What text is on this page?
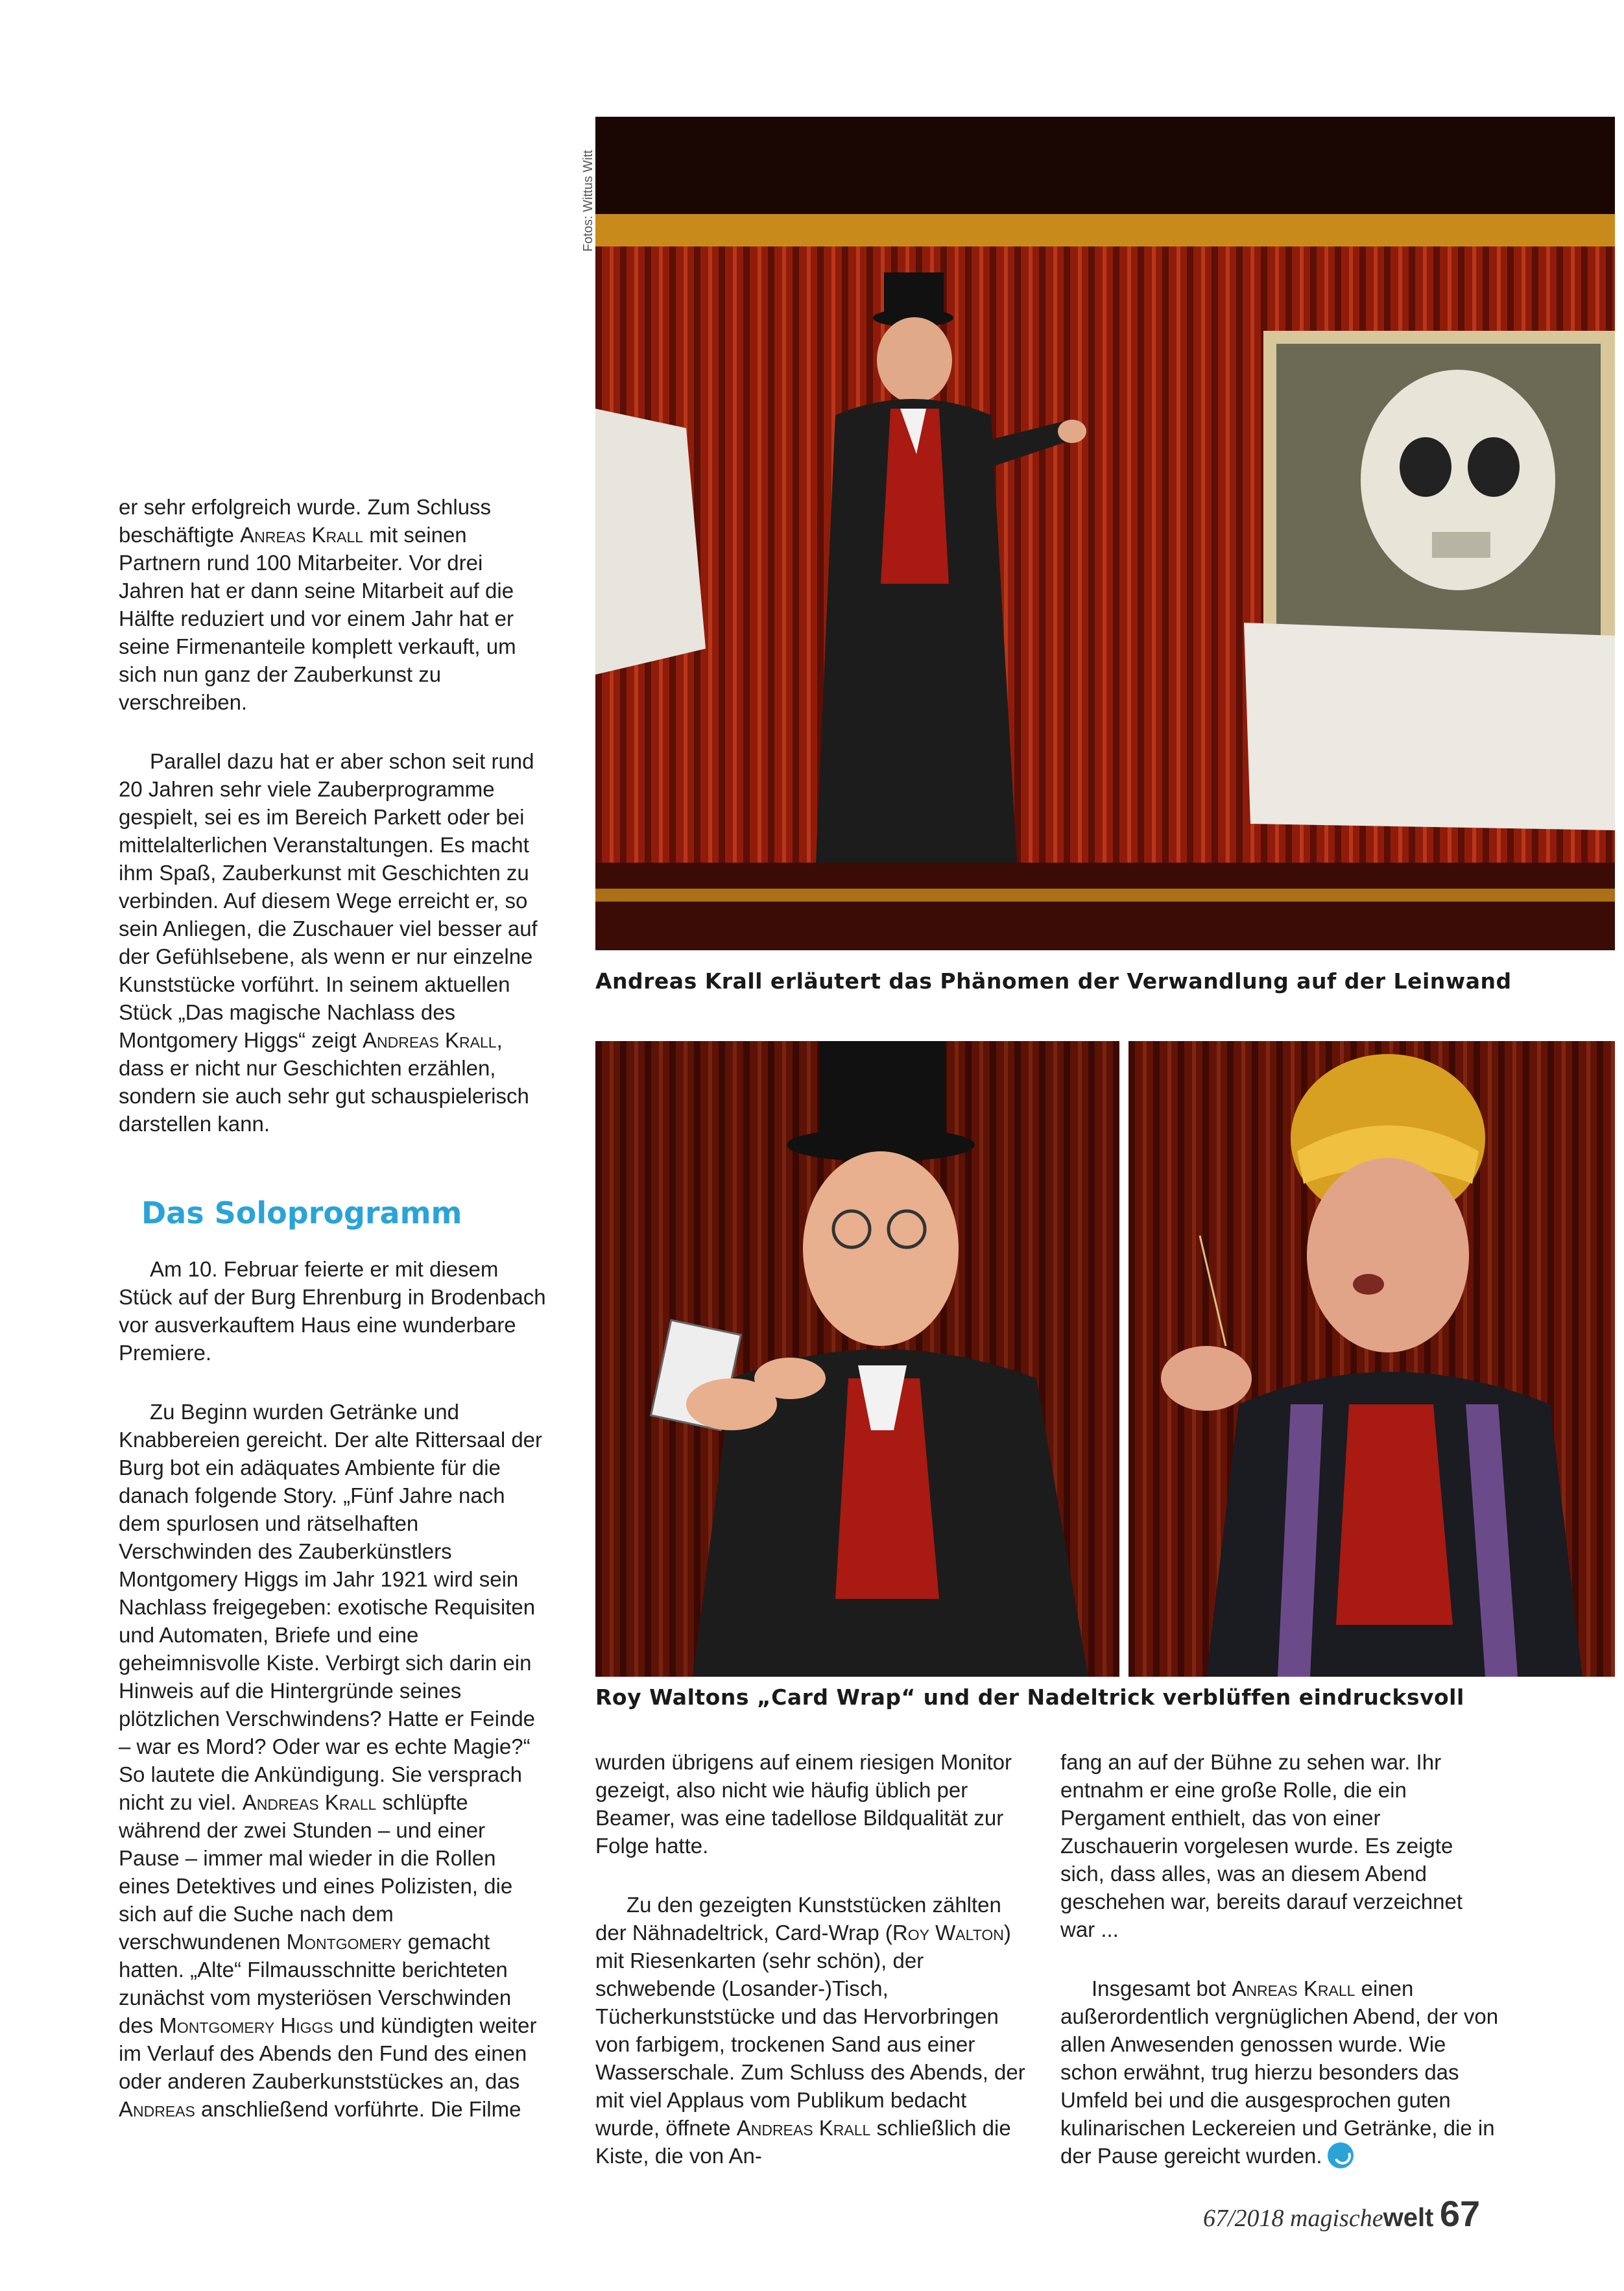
Fotos: Wittus Witt
Andreas Krall erläutert das Phänomen der Verwandlung auf der Leinwand
Roy Waltons „Card Wrap“ und der Nadeltrick verblüffen eindrucksvoll

er sehr erfolgreich wurde. Zum Schluss beschäftigte Anreas Krall mit seinen Partnern rund 100 Mitarbeiter. Vor drei Jahren hat er dann seine Mitarbeit auf die Hälfte reduziert und vor einem Jahr hat er seine Firmenanteile komplett verkauft, um sich nun ganz der Zauberkunst zu verschreiben.

Parallel dazu hat er aber schon seit rund 20 Jahren sehr viele Zauberprogramme gespielt, sei es im Bereich Parkett oder bei mittelalterlichen Veranstaltungen. Es macht ihm Spaß, Zauberkunst mit Geschichten zu verbinden. Auf diesem Wege erreicht er, so sein Anliegen, die Zuschauer viel besser auf der Gefühlsebene, als wenn er nur einzelne Kunststücke vorführt. In seinem aktuellen Stück „Das magische Nachlass des Montgomery Higgs“ zeigt Andreas Krall, dass er nicht nur Geschichten erzählen, sondern sie auch sehr gut schauspielerisch darstellen kann.

Das Soloprogramm

Am 10. Februar feierte er mit diesem Stück auf der Burg Ehrenburg in Brodenbach vor ausverkauftem Haus eine wunderbare Premiere.

Zu Beginn wurden Getränke und Knabbereien gereicht. Der alte Rittersaal der Burg bot ein adäquates Ambiente für die danach folgende Story. „Fünf Jahre nach dem spurlosen und rätselhaften Verschwinden des Zauberkünstlers Montgomery Higgs im Jahr 1921 wird sein Nachlass freigegeben: exotische Requisiten und Automaten, Briefe und eine geheimnisvolle Kiste. Verbirgt sich darin ein Hinweis auf die Hintergründe seines plötzlichen Verschwindens? Hatte er Feinde – war es Mord? Oder war es echte Magie?“ So lautete die Ankündigung. Sie versprach nicht zu viel. Andreas Krall schlüpfte während der zwei Stunden – und einer Pause – immer mal wieder in die Rollen eines Detektives und eines Polizisten, die sich auf die Suche nach dem verschwundenen Montgomery gemacht hatten. „Alte“ Filmausschnitte berichteten zunächst vom mysteriösen Verschwinden des Montgomery Higgs und kündigten weiter im Verlauf des Abends den Fund des einen oder anderen Zauberkunststückes an, das Andreas anschließend vorführte. Die Filme

wurden übrigens auf einem riesigen Monitor gezeigt, also nicht wie häufig üblich per Beamer, was eine tadellose Bildqualität zur Folge hatte.

Zu den gezeigten Kunststücken zählten der Nähnadeltrick, Card-Wrap (Roy Walton) mit Riesenkarten (sehr schön), der schwebende (Losander-)Tisch, Tücherkunststücke und das Hervorbringen von farbigem, trockenen Sand aus einer Wasserschale. Zum Schluss des Abends, der mit viel Applaus vom Publikum bedacht wurde, öffnete Andreas Krall schließlich die Kiste, die von An-

fang an auf der Bühne zu sehen war. Ihr entnahm er eine große Rolle, die ein Pergament enthielt, das von einer Zuschauerin vorgelesen wurde. Es zeigte sich, dass alles, was an diesem Abend geschehen war, bereits darauf verzeichnet war ...

Insgesamt bot Anreas Krall einen außerordentlich vergnüglichen Abend, der von allen Anwesenden genossen wurde. Wie schon erwähnt, trug hierzu besonders das Umfeld bei und die ausgesprochen guten kulinarischen Leckereien und Getränke, die in der Pause gereicht wurden.

67/2018 magischewelt 67
